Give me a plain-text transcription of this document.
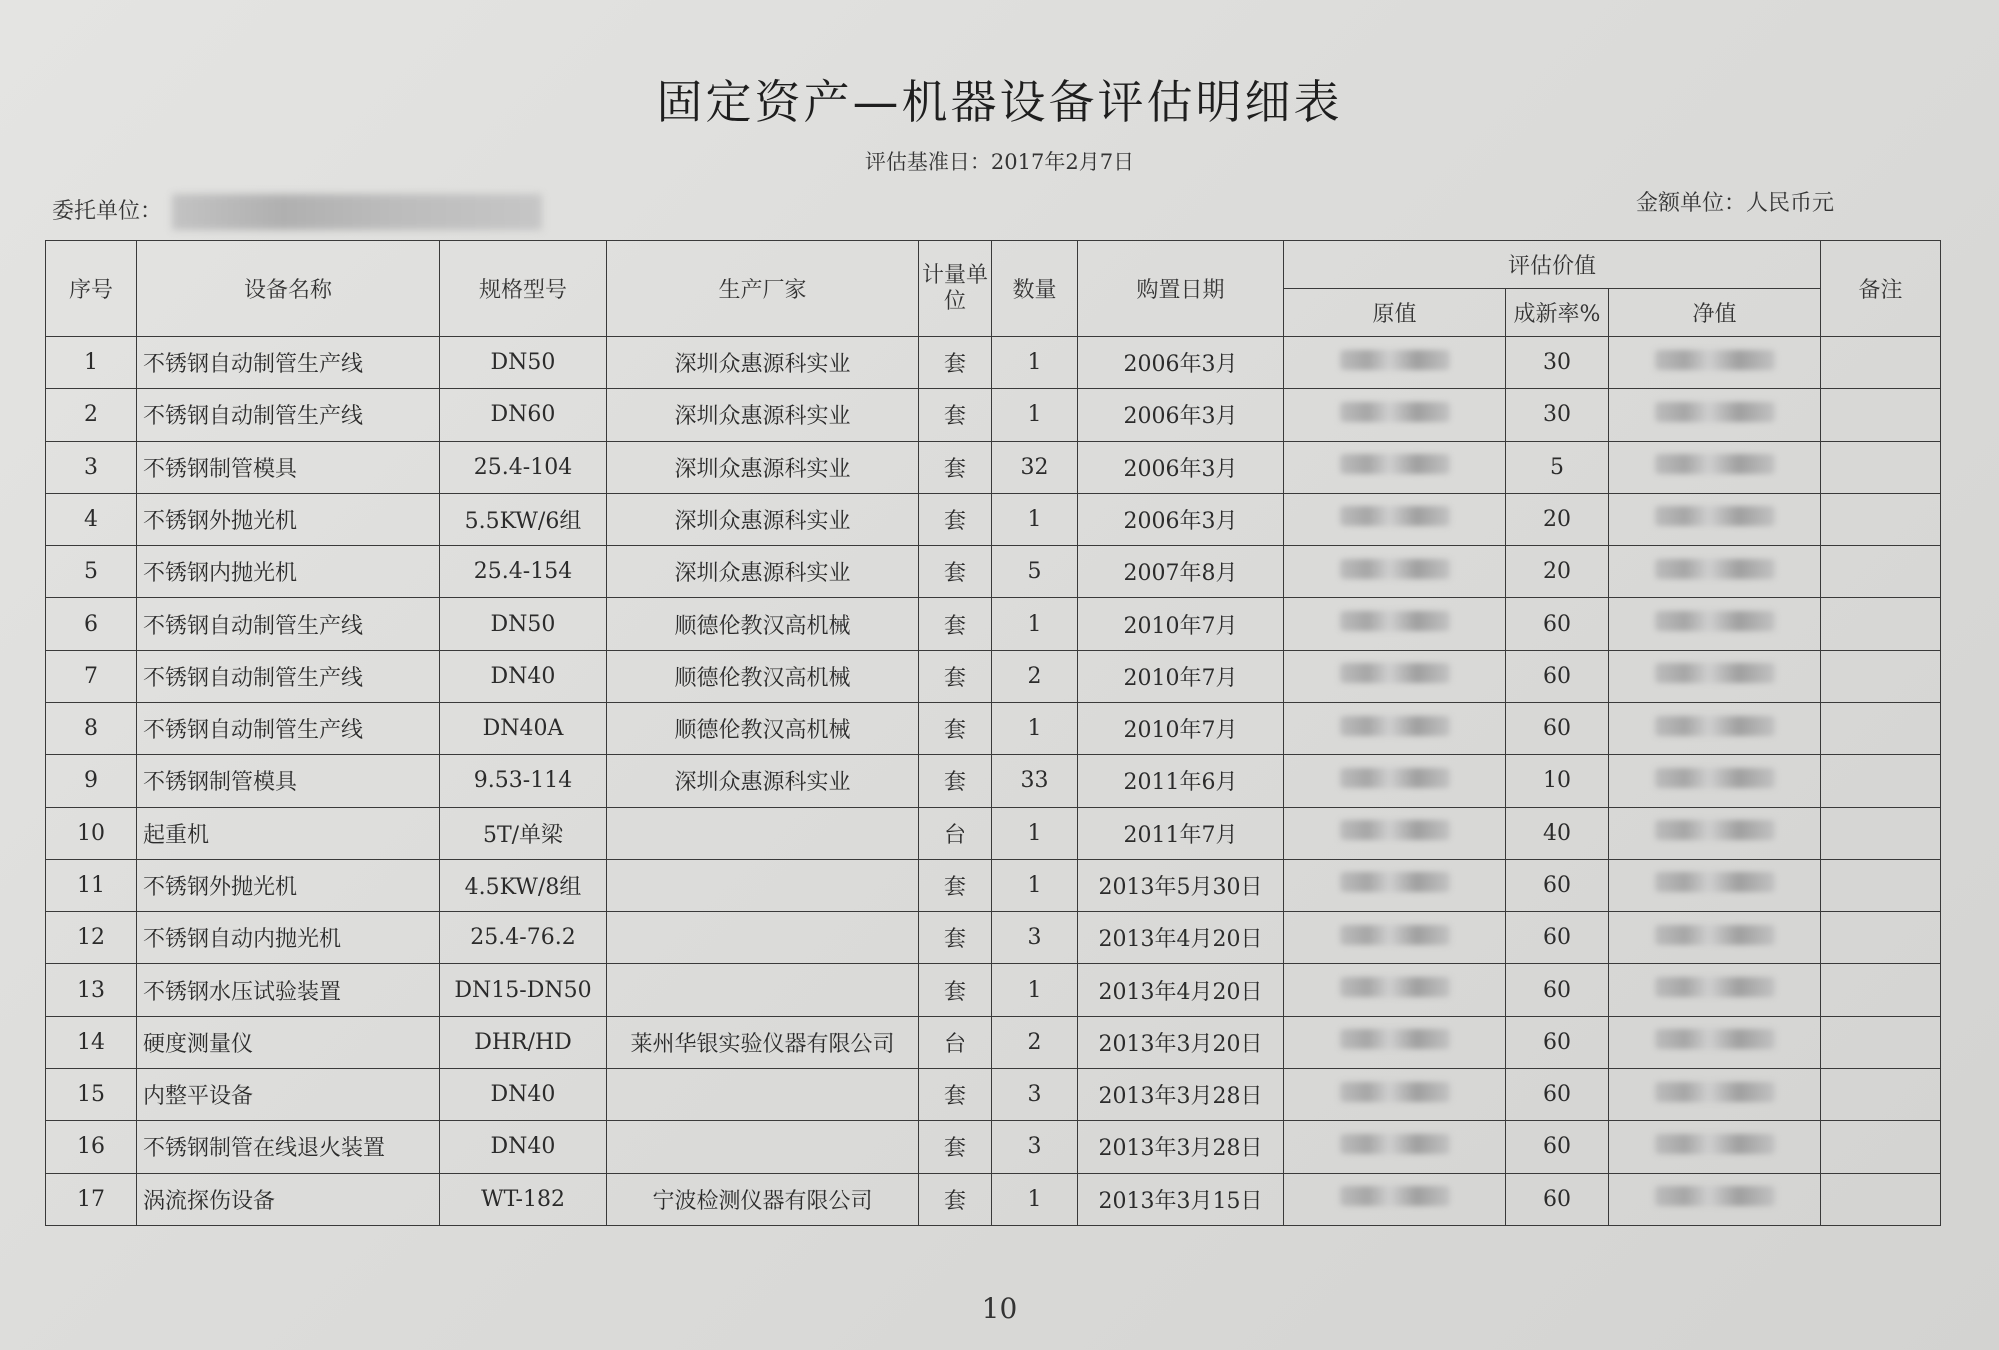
固定资产—机器设备评估明细表
评估基准日：2017年2月7日
委托单位：	金额单位：人民币元
序号	设备名称	规格型号	生产厂家	计量单位	数量	购置日期	评估价值			备注
							原值	成新率%	净值	
1	不锈钢自动制管生产线	DN50	深圳众惠源科实业	套	1	2006年3月		30		
2	不锈钢自动制管生产线	DN60	深圳众惠源科实业	套	1	2006年3月		30		
3	不锈钢制管模具	25.4-104	深圳众惠源科实业	套	32	2006年3月		5		
4	不锈钢外抛光机	5.5KW/6组	深圳众惠源科实业	套	1	2006年3月		20		
5	不锈钢内抛光机	25.4-154	深圳众惠源科实业	套	5	2007年8月		20		
6	不锈钢自动制管生产线	DN50	顺德伦教汉高机械	套	1	2010年7月		60		
7	不锈钢自动制管生产线	DN40	顺德伦教汉高机械	套	2	2010年7月		60		
8	不锈钢自动制管生产线	DN40A	顺德伦教汉高机械	套	1	2010年7月		60		
9	不锈钢制管模具	9.53-114	深圳众惠源科实业	套	33	2011年6月		10		
10	起重机	5T/单梁		台	1	2011年7月		40		
11	不锈钢外抛光机	4.5KW/8组		套	1	2013年5月30日		60		
12	不锈钢自动内抛光机	25.4-76.2		套	3	2013年4月20日		60		
13	不锈钢水压试验装置	DN15-DN50		套	1	2013年4月20日		60		
14	硬度测量仪	DHR/HD	莱州华银实验仪器有限公司	台	2	2013年3月20日		60		
15	内整平设备	DN40		套	3	2013年3月28日		60		
16	不锈钢制管在线退火装置	DN40		套	3	2013年3月28日		60		
17	涡流探伤设备	WT-182	宁波检测仪器有限公司	套	1	2013年3月15日		60		
10
